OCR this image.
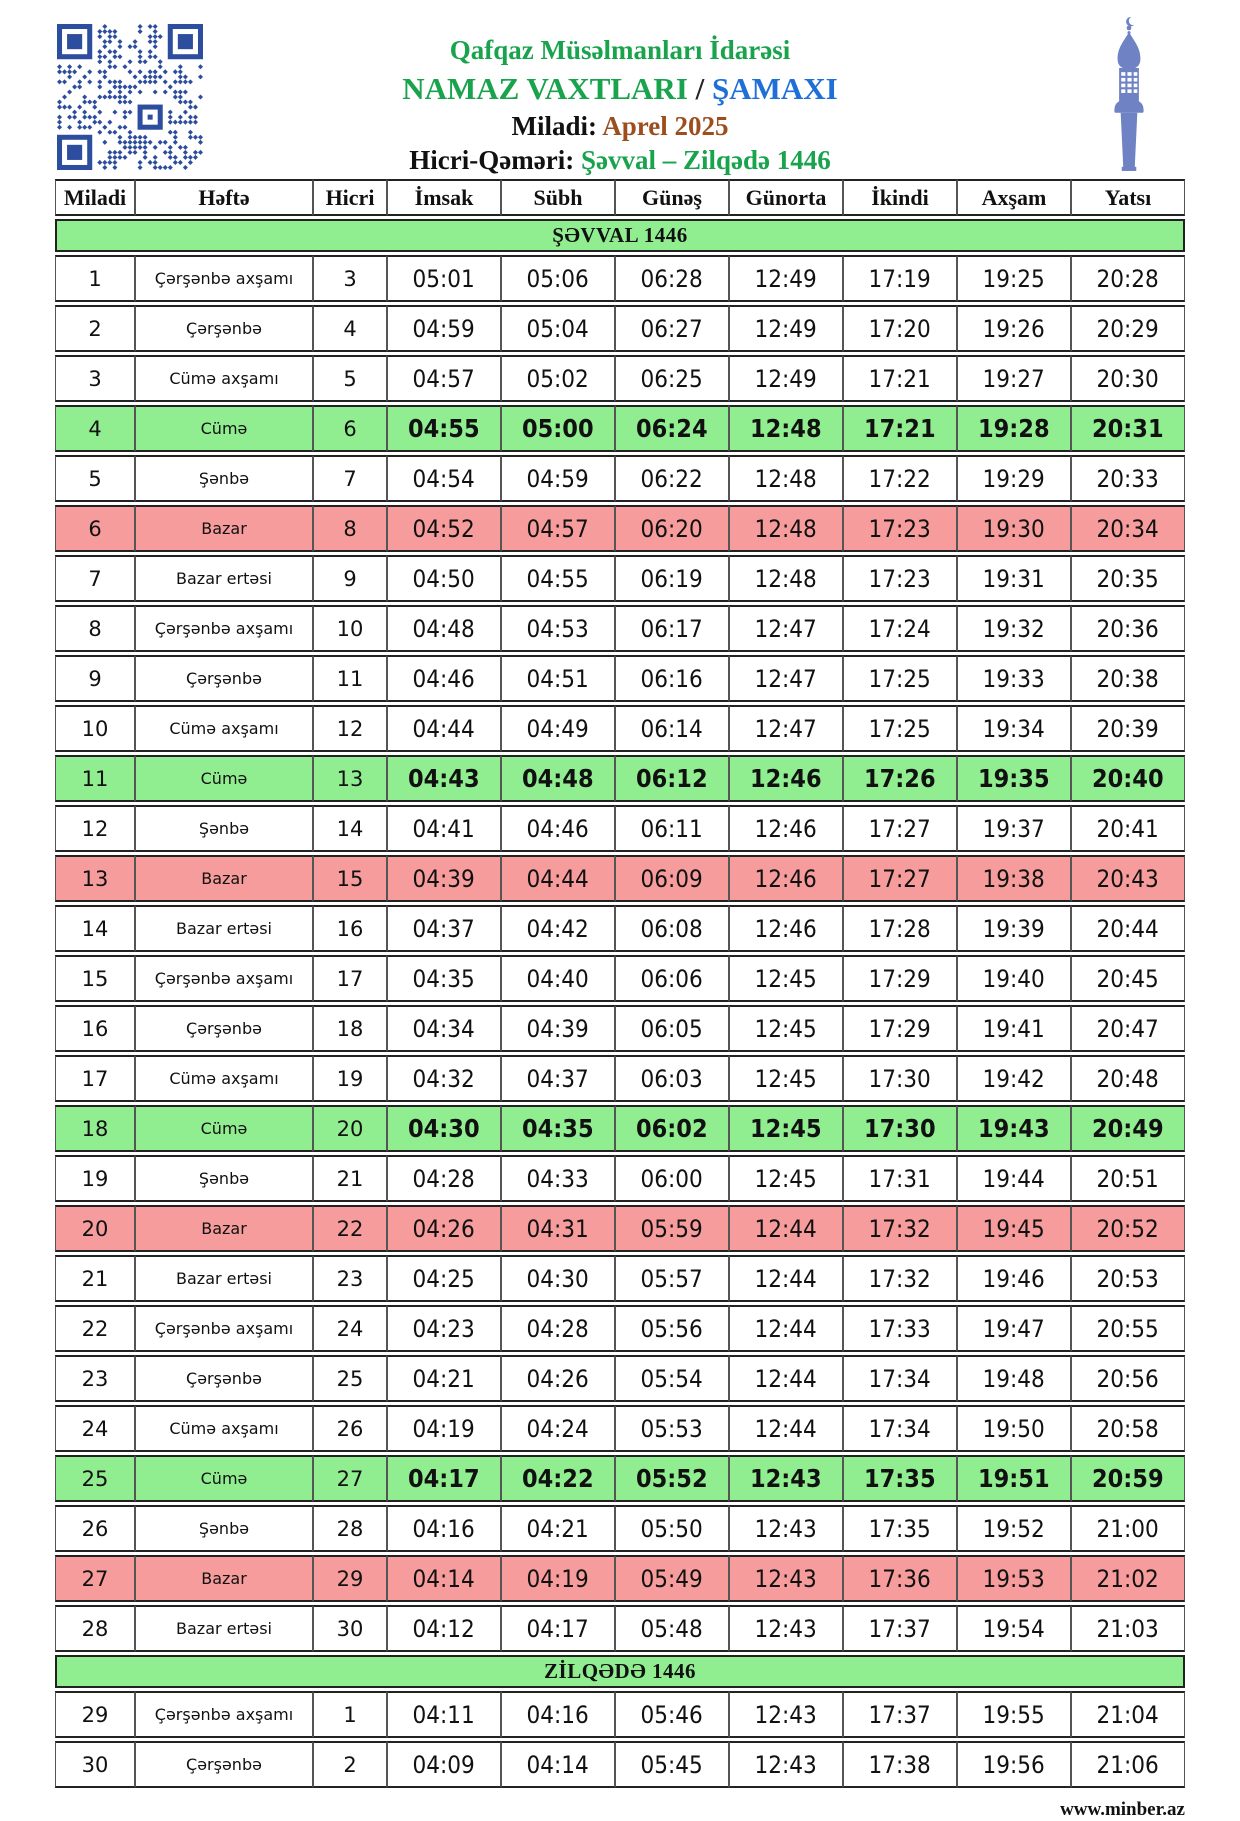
Qafqaz Müsəlmanları İdarəsi
NAMAZ VAXTLARI / ŞAMAXI
Miladi: Aprel 2025
Hicri-Qəməri: Şəvval – Zilqədə 1446
Miladi	Həftə	Hicri	İmsak	Sübh	Günəş	Günorta	İkindi	Axşam	Yatsı
ŞƏVVAL 1446									
1	Çərşənbə axşamı	3	05:01	05:06	06:28	12:49	17:19	19:25	20:28
2	Çərşənbə	4	04:59	05:04	06:27	12:49	17:20	19:26	20:29
3	Cümə axşamı	5	04:57	05:02	06:25	12:49	17:21	19:27	20:30
4	Cümə	6	04:55	05:00	06:24	12:48	17:21	19:28	20:31
5	Şənbə	7	04:54	04:59	06:22	12:48	17:22	19:29	20:33
6	Bazar	8	04:52	04:57	06:20	12:48	17:23	19:30	20:34
7	Bazar ertəsi	9	04:50	04:55	06:19	12:48	17:23	19:31	20:35
8	Çərşənbə axşamı	10	04:48	04:53	06:17	12:47	17:24	19:32	20:36
9	Çərşənbə	11	04:46	04:51	06:16	12:47	17:25	19:33	20:38
10	Cümə axşamı	12	04:44	04:49	06:14	12:47	17:25	19:34	20:39
11	Cümə	13	04:43	04:48	06:12	12:46	17:26	19:35	20:40
12	Şənbə	14	04:41	04:46	06:11	12:46	17:27	19:37	20:41
13	Bazar	15	04:39	04:44	06:09	12:46	17:27	19:38	20:43
14	Bazar ertəsi	16	04:37	04:42	06:08	12:46	17:28	19:39	20:44
15	Çərşənbə axşamı	17	04:35	04:40	06:06	12:45	17:29	19:40	20:45
16	Çərşənbə	18	04:34	04:39	06:05	12:45	17:29	19:41	20:47
17	Cümə axşamı	19	04:32	04:37	06:03	12:45	17:30	19:42	20:48
18	Cümə	20	04:30	04:35	06:02	12:45	17:30	19:43	20:49
19	Şənbə	21	04:28	04:33	06:00	12:45	17:31	19:44	20:51
20	Bazar	22	04:26	04:31	05:59	12:44	17:32	19:45	20:52
21	Bazar ertəsi	23	04:25	04:30	05:57	12:44	17:32	19:46	20:53
22	Çərşənbə axşamı	24	04:23	04:28	05:56	12:44	17:33	19:47	20:55
23	Çərşənbə	25	04:21	04:26	05:54	12:44	17:34	19:48	20:56
24	Cümə axşamı	26	04:19	04:24	05:53	12:44	17:34	19:50	20:58
25	Cümə	27	04:17	04:22	05:52	12:43	17:35	19:51	20:59
26	Şənbə	28	04:16	04:21	05:50	12:43	17:35	19:52	21:00
27	Bazar	29	04:14	04:19	05:49	12:43	17:36	19:53	21:02
28	Bazar ertəsi	30	04:12	04:17	05:48	12:43	17:37	19:54	21:03
ZİLQƏDƏ 1446									
29	Çərşənbə axşamı	1	04:11	04:16	05:46	12:43	17:37	19:55	21:04
30	Çərşənbə	2	04:09	04:14	05:45	12:43	17:38	19:56	21:06
www.minber.az
